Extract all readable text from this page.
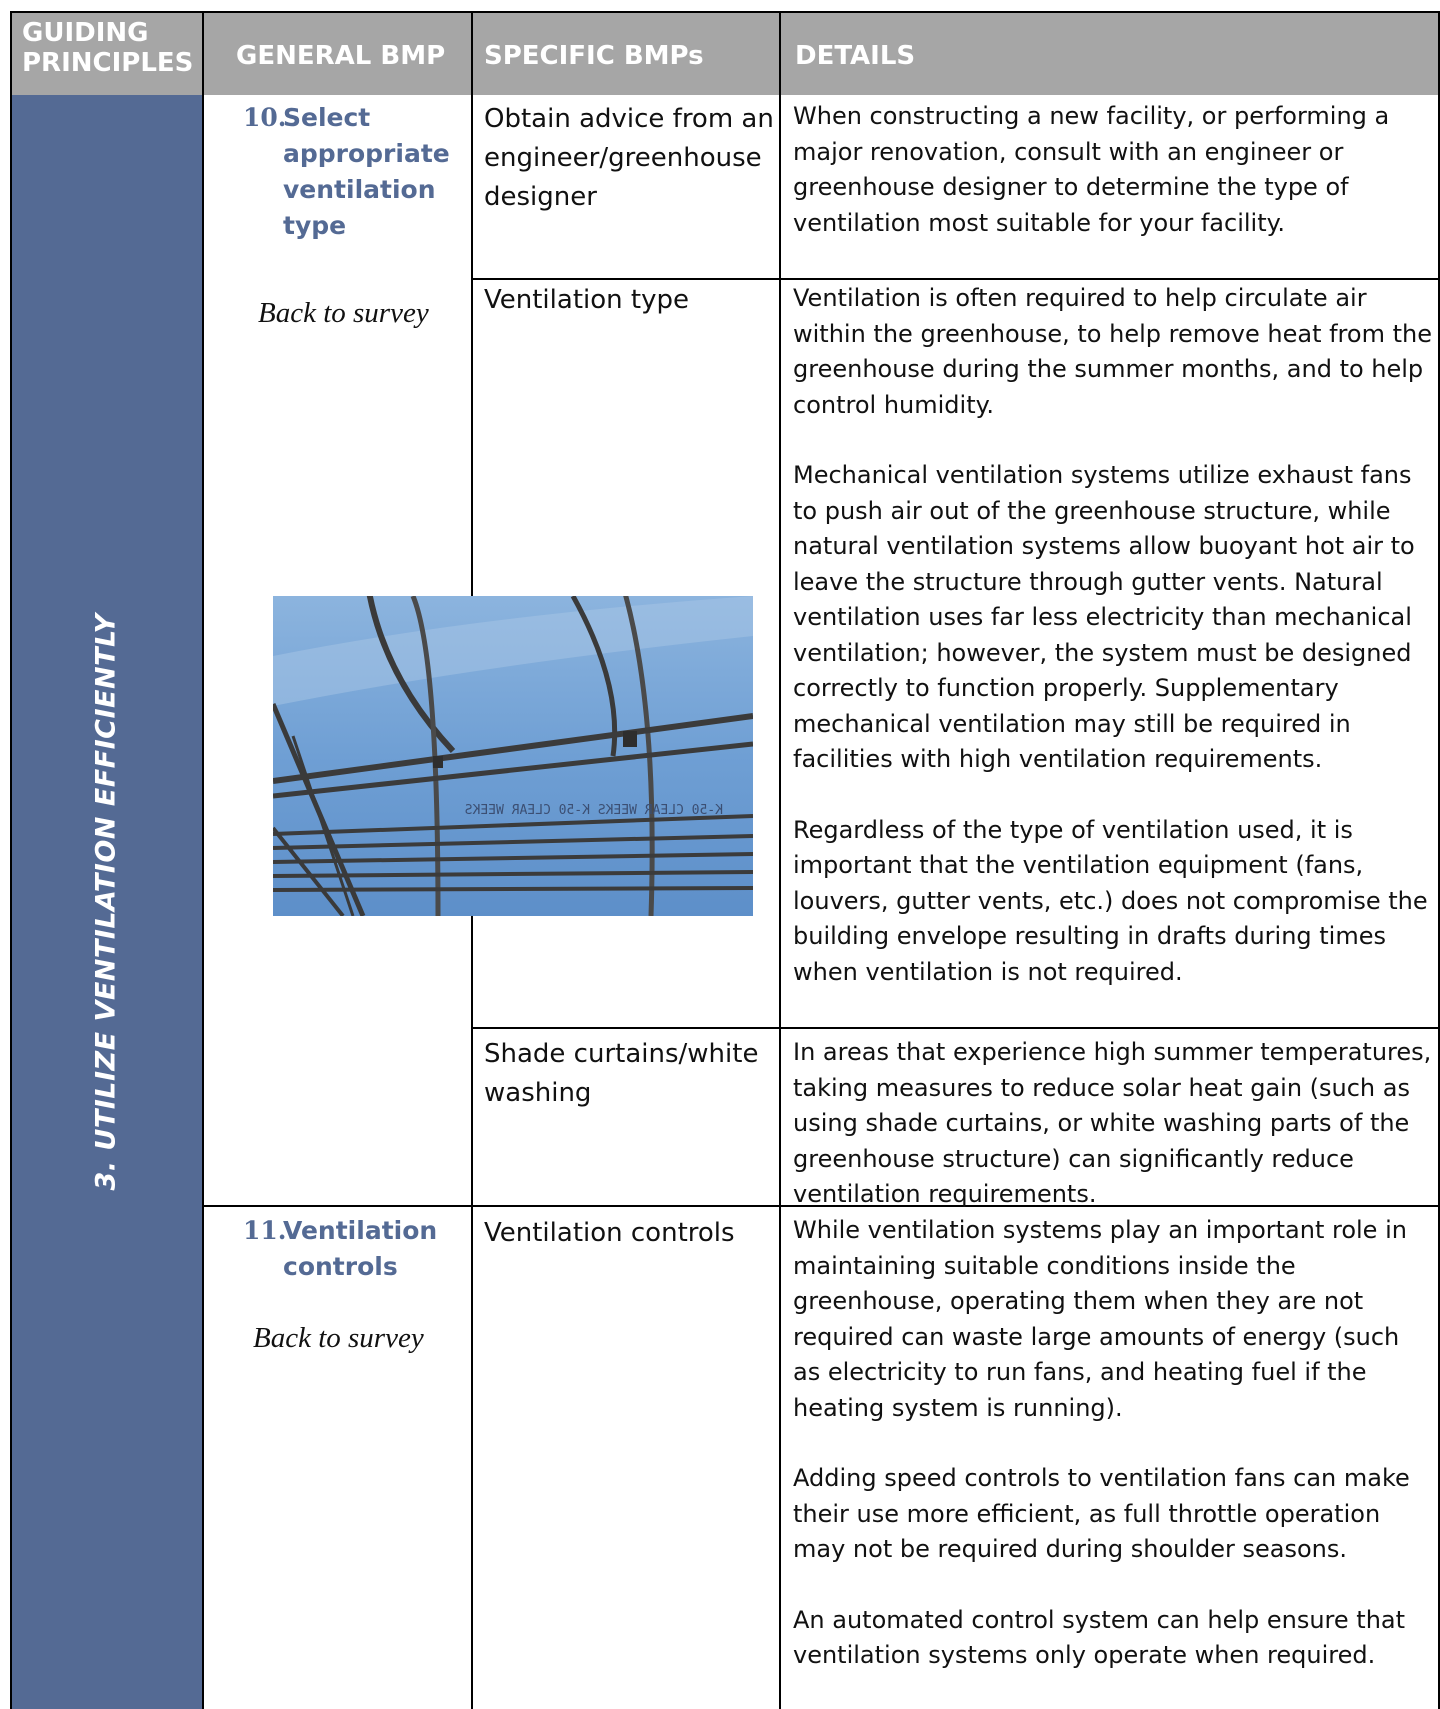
GUIDING PRINCIPLES GENERAL BMP SPECIFIC BMPs	DETAILS
3. UTILIZE VENTILATION EFFICIENTLY
10.Select appropriate ventilation type
Back to survey
11.Ventilation controls
Back to survey
Obtain advice from an engineer/greenhouse designer
Ventilation type
Shade curtains/white washing
Ventilation controls
When constructing a new facility, or performing a major renovation, consult with an engineer or greenhouse designer to determine the type of ventilation most suitable for your facility.
Ventilation is often required to help circulate air within the greenhouse, to help remove heat from the greenhouse during the summer months, and to help control humidity.
Mechanical ventilation systems utilize exhaust fans to push air out of the greenhouse structure, while natural ventilation systems allow buoyant hot air to leave the structure through gutter vents. Natural ventilation uses far less electricity than mechanical ventilation; however, the system must be designed correctly to function properly. Supplementary mechanical ventilation may still be required in facilities with high ventilation requirements.
Regardless of the type of ventilation used, it is important that the ventilation equipment (fans, louvers, gutter vents, etc.) does not compromise the building envelope resulting in drafts during times when ventilation is not required.
In areas that experience high summer temperatures, taking measures to reduce solar heat gain (such as using shade curtains, or white washing parts of the greenhouse structure) can significantly reduce ventilation requirements.
While ventilation systems play an important role in maintaining suitable conditions inside the greenhouse, operating them when they are not required can waste large amounts of energy (such as electricity to run fans, and heating fuel if the heating system is running).
Adding speed controls to ventilation fans can make their use more efficient, as full throttle operation may not be required during shoulder seasons.
An automated control system can help ensure that ventilation systems only operate when required.
K-50 CLEAR WEEKS K-50 CLEAR WEEKS
